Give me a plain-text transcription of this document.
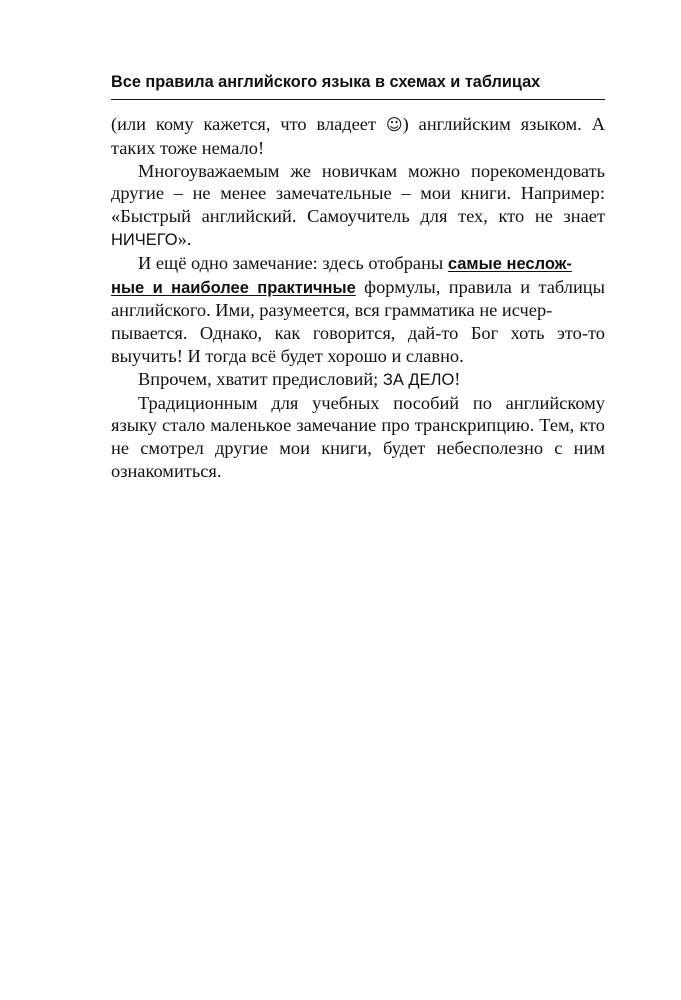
Все правила английского языка в схемах и таблицах

(или кому кажется, что владеет ☺) английским языком. А таких тоже немало!

Многоуважаемым же новичкам можно порекомендовать другие – не менее замечательные – мои книги. Например: «Быстрый английский. Самоучитель для тех, кто не знает НИЧЕГО».

И ещё одно замечание: здесь отобраны самые неслож-
ные и наиболее практичные формулы, правила и таблицы английского. Ими, разумеется, вся грамматика не исчер-
пывается. Однако, как говорится, дай-то Бог хоть это-то выучить! И тогда всё будет хорошо и славно.

Впрочем, хватит предисловий; ЗА ДЕЛО!

Традиционным для учебных пособий по английскому языку стало маленькое замечание про транскрипцию. Тем, кто не смотрел другие мои книги, будет небесполезно с ним ознакомиться.
